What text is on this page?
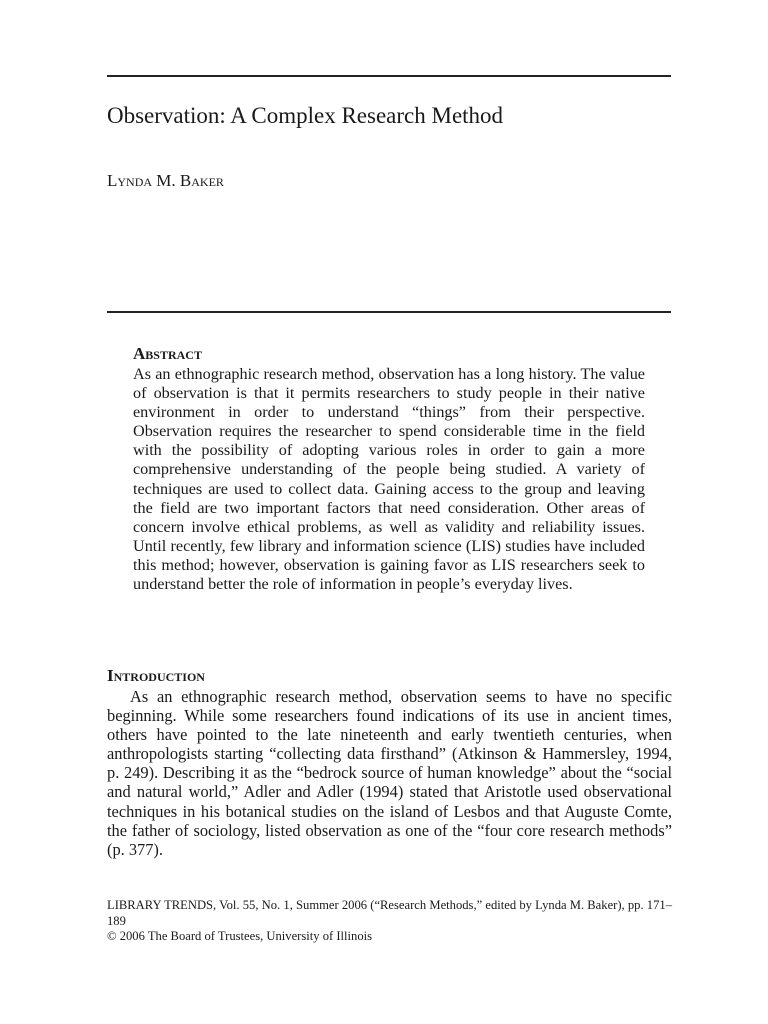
Observation: A Complex Research Method
Lynda M. Baker
Abstract

As an ethnographic research method, observation has a long history. The value of observation is that it permits researchers to study people in their native environment in order to understand “things” from their perspective. Observation requires the researcher to spend considerable time in the field with the possibility of adopting various roles in order to gain a more comprehensive understanding of the people being studied. A variety of techniques are used to collect data. Gaining access to the group and leaving the field are two important factors that need consideration. Other areas of concern involve ethical problems, as well as validity and reliability issues. Until recently, few library and information science (LIS) studies have included this method; however, observation is gaining favor as LIS researchers seek to understand better the role of information in people’s everyday lives.

Introduction

As an ethnographic research method, observation seems to have no specific beginning. While some researchers found indications of its use in ancient times, others have pointed to the late nineteenth and early twentieth centuries, when anthropologists starting “collecting data firsthand” (Atkinson & Hammersley, 1994, p. 249). Describing it as the “bedrock source of human knowledge” about the “social and natural world,” Adler and Adler (1994) stated that Aristotle used observational techniques in his botanical studies on the island of Lesbos and that Auguste Comte, the father of sociology, listed observation as one of the “four core research methods” (p. 377).

LIBRARY TRENDS, Vol. 55, No. 1, Summer 2006 (“Research Methods,” edited by Lynda M. Baker), pp. 171–189
© 2006 The Board of Trustees, University of Illinois
